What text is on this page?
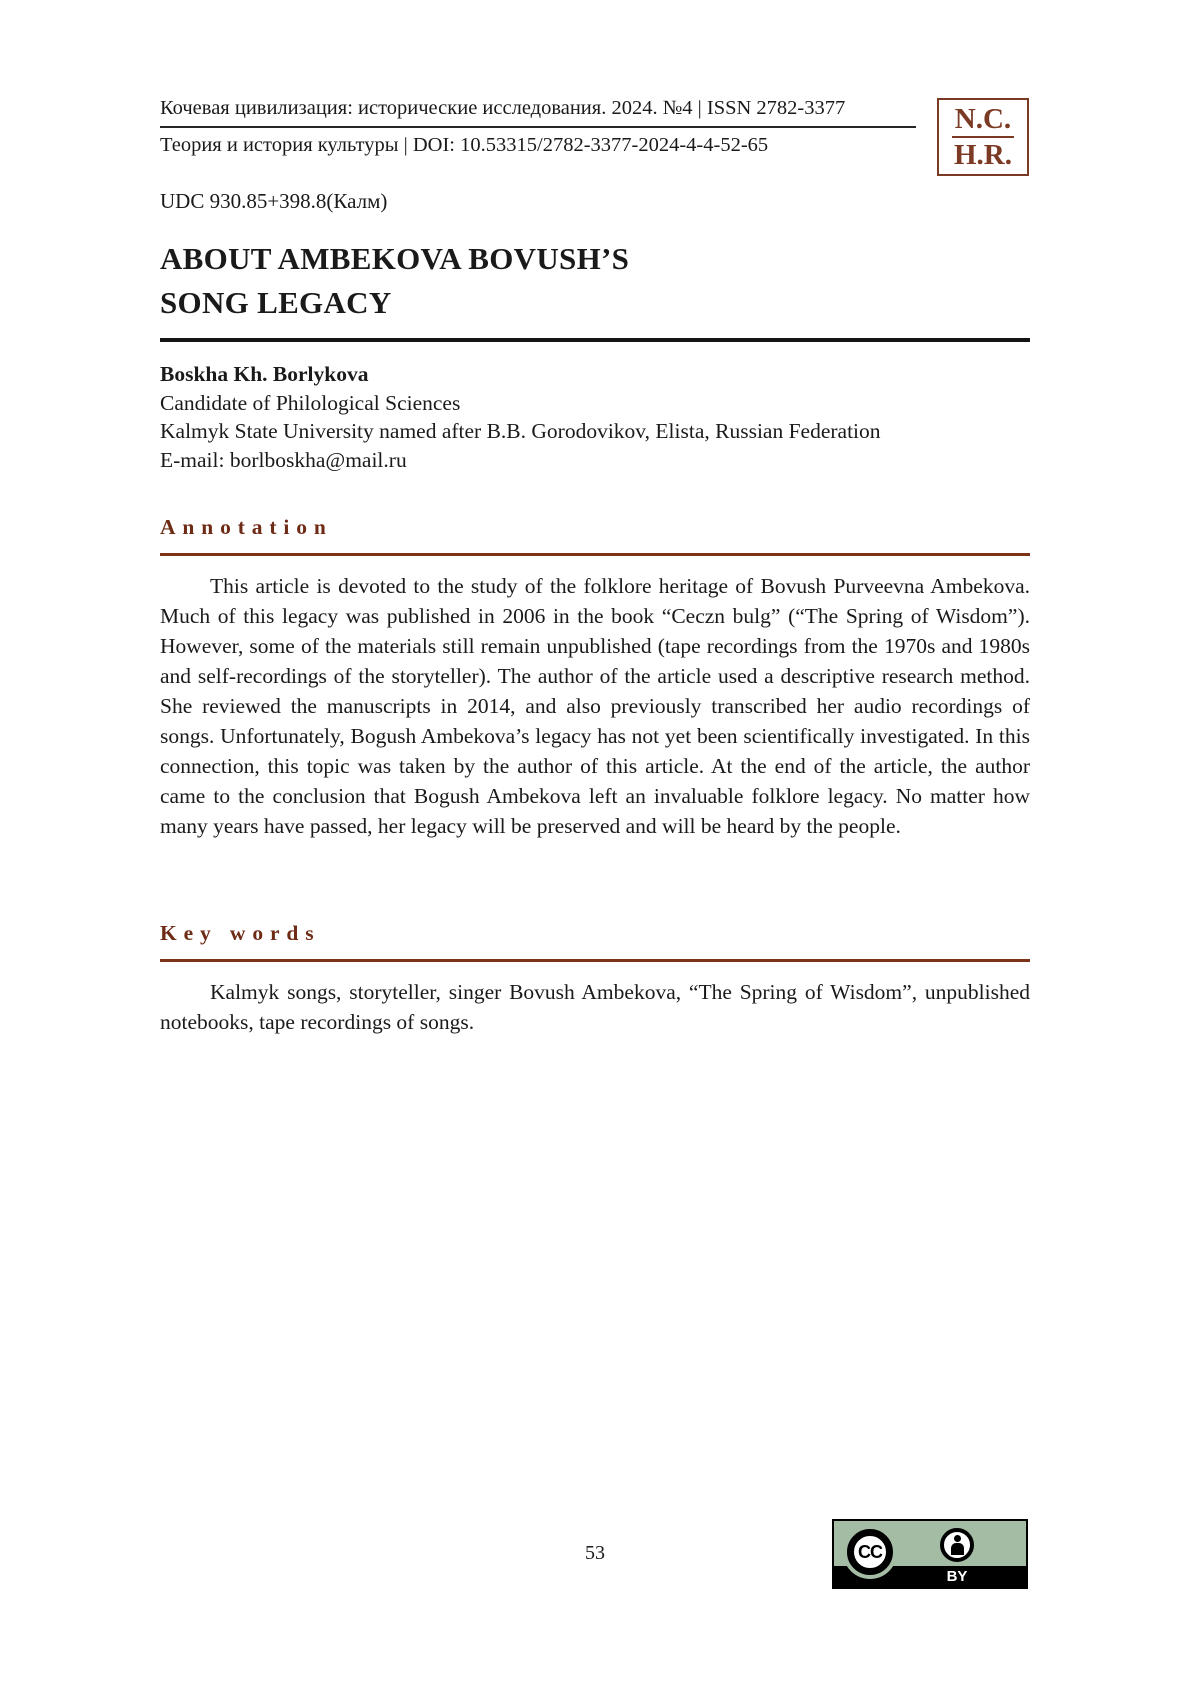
Кочевая цивилизация: исторические исследования. 2024. №4 | ISSN 2782-3377
Теория и история культуры | DOI: 10.53315/2782-3377-2024-4-4-52-65
N.C.
H.R.
UDC 930.85+398.8(Калм)
ABOUT AMBEKOVA BOVUSH’S
SONG LEGACY
Boskha Kh. Borlykova
Candidate of Philological Sciences
Kalmyk State University named after B.B. Gorodovikov, Elista, Russian Federation
E-mail: borlboskha@mail.ru
Annotation

This article is devoted to the study of the folklore heritage of Bovush Purveevna Ambekova. Much of this legacy was published in 2006 in the book “Ceczn bulg” (“The Spring of Wisdom”). However, some of the materials still remain unpublished (tape recordings from the 1970s and 1980s and self-recordings of the storyteller). The author of the article used a descriptive research method. She reviewed the manuscripts in 2014, and also previously transcribed her audio recordings of songs. Unfortunately, Bogush Ambekova’s legacy has not yet been scientifically investigated. In this connection, this topic was taken by the author of this article. At the end of the article, the author came to the conclusion that Bogush Ambekova left an invaluable folklore legacy. No matter how many years have passed, her legacy will be preserved and will be heard by the people.

Key words

Kalmyk songs, storyteller, singer Bovush Ambekova, “The Spring of Wisdom”, unpublished notebooks, tape recordings of songs.

53	CC
BY
